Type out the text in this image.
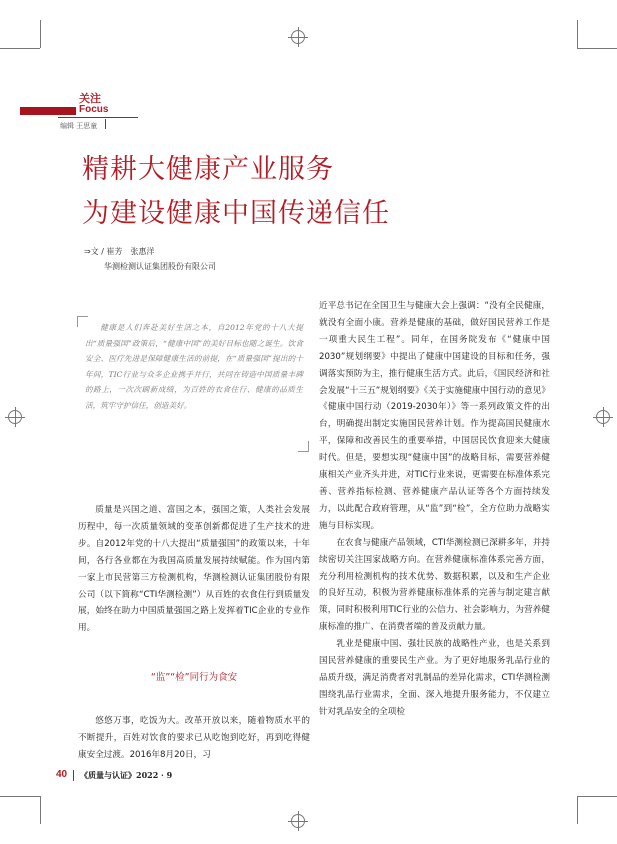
关注
Focus
编辑 王思童
精耕大健康产业服务
为建设健康中国传递信任
⇒文 / 崔芳　张惠洋
华测检测认证集团股份有限公司
健康是人们奔赴美好生活之本，自2012年党的十八大提出“质量强国”政策后，“健康中国”的美好目标也随之诞生。饮食安全、医疗先进是保障健康生活的前提，在“质量强国”提出的十年间，TIC行业与众多企业携手并行，共同在铸造中国质量丰碑的路上，一次次刷新成绩，为百姓的衣食住行、健康的品质生活，筑牢守护信任，创造美好。

质量是兴国之道、富国之本，强国之策，人类社会发展历程中，每一次质量领域的变革创新都促进了生产技术的进步。自2012年党的十八大提出“质量强国”的政策以来，十年间，各行各业都在为我国高质量发展持续赋能。作为国内第一家上市民营第三方检测机构，华测检测认证集团股份有限公司（以下简称“CTI华测检测”）从百姓的衣食住行到质量发展，始终在助力中国质量强国之路上发挥着TIC企业的专业作用。

“监”“检”同行为食安

悠悠万事，吃饭为大。改革开放以来，随着物质水平的不断提升，百姓对饮食的要求已从吃饱到吃好，再到吃得健康安全过渡。2016年8月20日，习

近平总书记在全国卫生与健康大会上强调：“没有全民健康，就没有全面小康。营养是健康的基础，做好国民营养工作是一项重大民生工程”。同年，在国务院发布《“健康中国2030”规划纲要》中提出了健康中国建设的目标和任务，强调落实预防为主，推行健康生活方式。此后，《国民经济和社会发展“十三五”规划纲要》《关于实施健康中国行动的意见》《健康中国行动（2019-2030年）》等一系列政策文件的出台，明确提出制定实施国民营养计划。作为提高国民健康水平，保障和改善民生的重要举措，中国居民饮食迎来大健康时代。但是，要想实现“健康中国”的战略目标，需要营养健康相关产业齐头并进，对TIC行业来说，更需要在标准体系完善、营养指标检测、营养健康产品认证等各个方面持续发力，以此配合政府管理，从“监”到“检”，全方位助力战略实施与目标实现。

在农食与健康产品领域，CTI华测检测已深耕多年，并持续密切关注国家战略方向。在营养健康标准体系完善方面，充分利用检测机构的技术优势、数据积累，以及和生产企业的良好互动，积极为营养健康标准体系的完善与制定建言献策，同时积极利用TIC行业的公信力、社会影响力，为营养健康标准的推广、在消费者端的普及贡献力量。

乳业是健康中国、强壮民族的战略性产业，也是关系到国民营养健康的重要民生产业。为了更好地服务乳品行业的品质升级，满足消费者对乳制品的差异化需求，CTI华测检测围绕乳品行业需求，全面、深入地提升服务能力，不仅建立针对乳品安全的全项检

40 《质量与认证》2022 · 9
